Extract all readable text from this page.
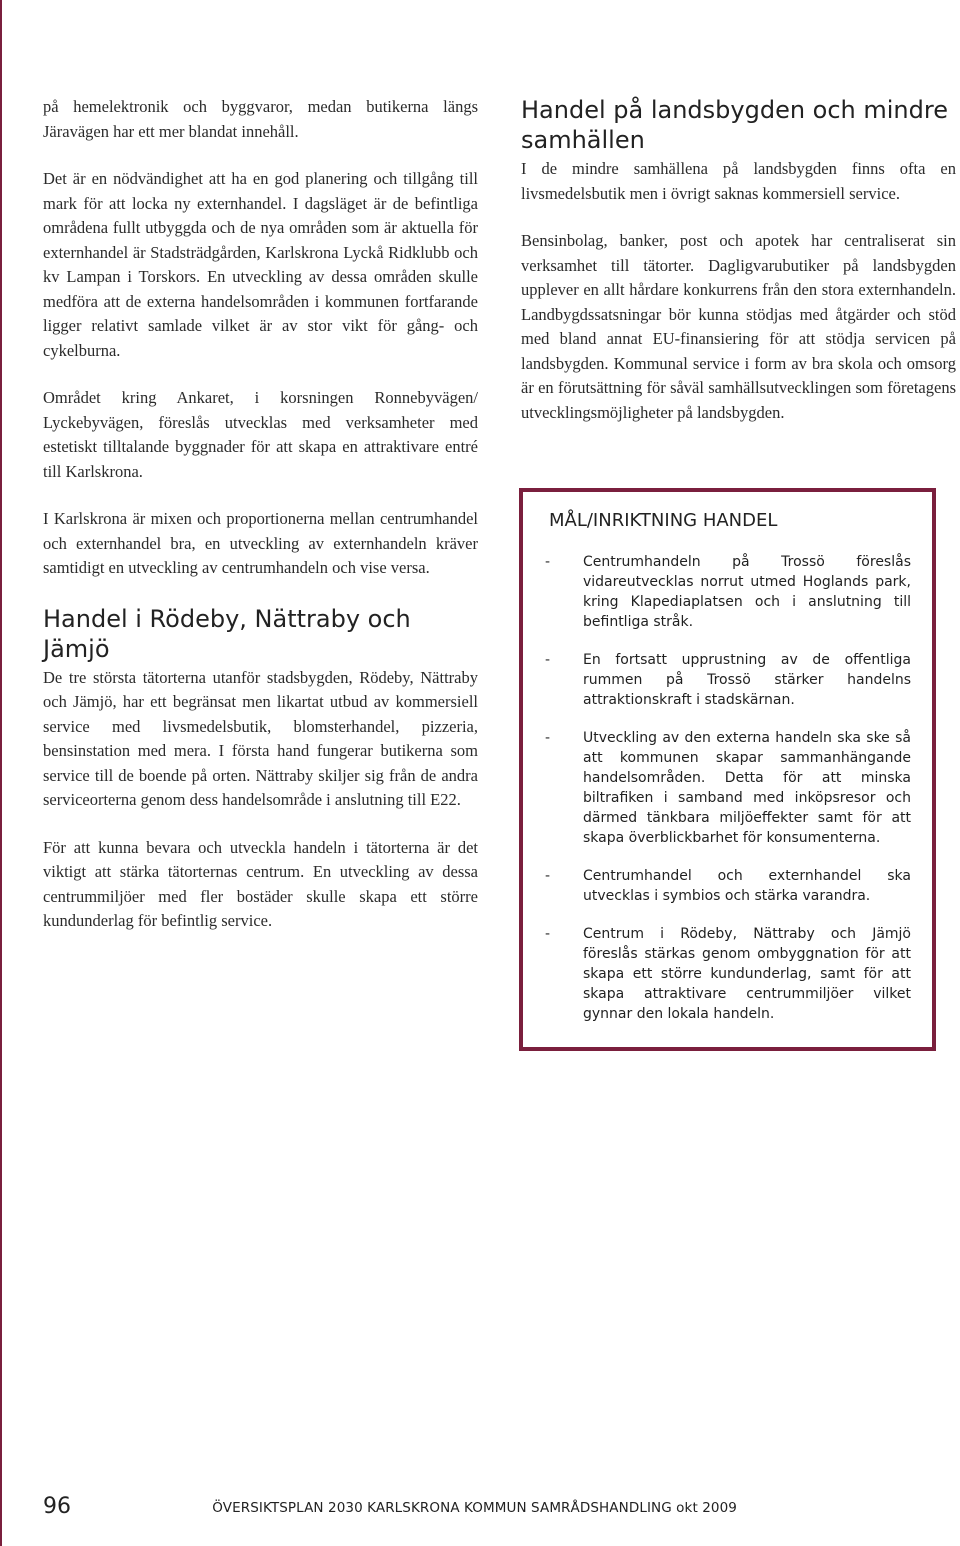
på hemelektronik och byggvaror, medan butikerna längs Järavägen har ett mer blandat innehåll.

Det är en nödvändighet att ha en god planering och tillgång till mark för att locka ny externhandel. I dagsläget är de befintliga områdena fullt utbyggda och de nya områden som är aktuella för externhandel är Stadsträdgården, Karlskrona Lyckå Ridklubb och kv Lampan i Torskors. En utveckling av dessa områden skulle medföra att de externa handelsområden i kommunen fortfarande ligger relativt samlade vilket är av stor vikt för gång- och cykelburna.

Området kring Ankaret, i korsningen Ronnebyvägen/ Lyckebyvägen, föreslås utvecklas med verksamheter med estetiskt tilltalande byggnader för att skapa en attraktivare entré till Karlskrona.

I Karlskrona är mixen och proportionerna mellan centrumhandel och externhandel bra, en utveckling av externhandeln kräver samtidigt en utveckling av centrumhandeln och vise versa.

Handel i Rödeby, Nättraby och Jämjö

De tre största tätorterna utanför stadsbygden, Rödeby, Nättraby och Jämjö, har ett begränsat men likartat utbud av kommersiell service med livsmedelsbutik, blomsterhandel, pizzeria, bensinstation med mera. I första hand fungerar butikerna som service till de boende på orten. Nättraby skiljer sig från de andra serviceorterna genom dess handelsområde i anslutning till E22.

För att kunna bevara och utveckla handeln i tätorterna är det viktigt att stärka tätorternas centrum. En utveckling av dessa centrummiljöer med fler bostäder skulle skapa ett större kundunderlag för befintlig service.

Handel på landsbygden och mindre samhällen

I de mindre samhällena på landsbygden finns ofta en livsmedelsbutik men i övrigt saknas kommersiell service.

Bensinbolag, banker, post och apotek har centraliserat sin verksamhet till tätorter. Dagligvarubutiker på landsbygden upplever en allt hårdare konkurrens från den stora externhandeln. Landbygdssatsningar bör kunna stödjas med åtgärder och stöd med bland annat EU-finansiering för att stödja servicen på landsbygden. Kommunal service i form av bra skola och omsorg är en förutsättning för såväl samhällsutvecklingen som företagens utvecklingsmöjligheter på landsbygden.

MÅL/INRIKTNING HANDEL
-	Centrumhandeln på Trossö föreslås vidareutvecklas norrut utmed Hoglands park, kring Klapediaplatsen och i anslutning till befintliga stråk.
-	En fortsatt upprustning av de offentliga rummen på Trossö stärker handelns attraktionskraft i stadskärnan.
-	Utveckling av den externa handeln ska ske så att kommunen skapar sammanhängande handelsområden. Detta för att minska biltrafiken i samband med inköpsresor och därmed tänkbara miljöeffekter samt för att skapa överblickbarhet för konsumenterna.
-	Centrumhandel och externhandel ska utvecklas i symbios och stärka varandra.
-	Centrum i Rödeby, Nättraby och Jämjö föreslås stärkas genom ombyggnation för att skapa ett större kundunderlag, samt för att skapa attraktivare centrummiljöer vilket gynnar den lokala handeln.
96	ÖVERSIKTSPLAN 2030 KARLSKRONA KOMMUN SAMRÅDSHANDLING okt 2009
